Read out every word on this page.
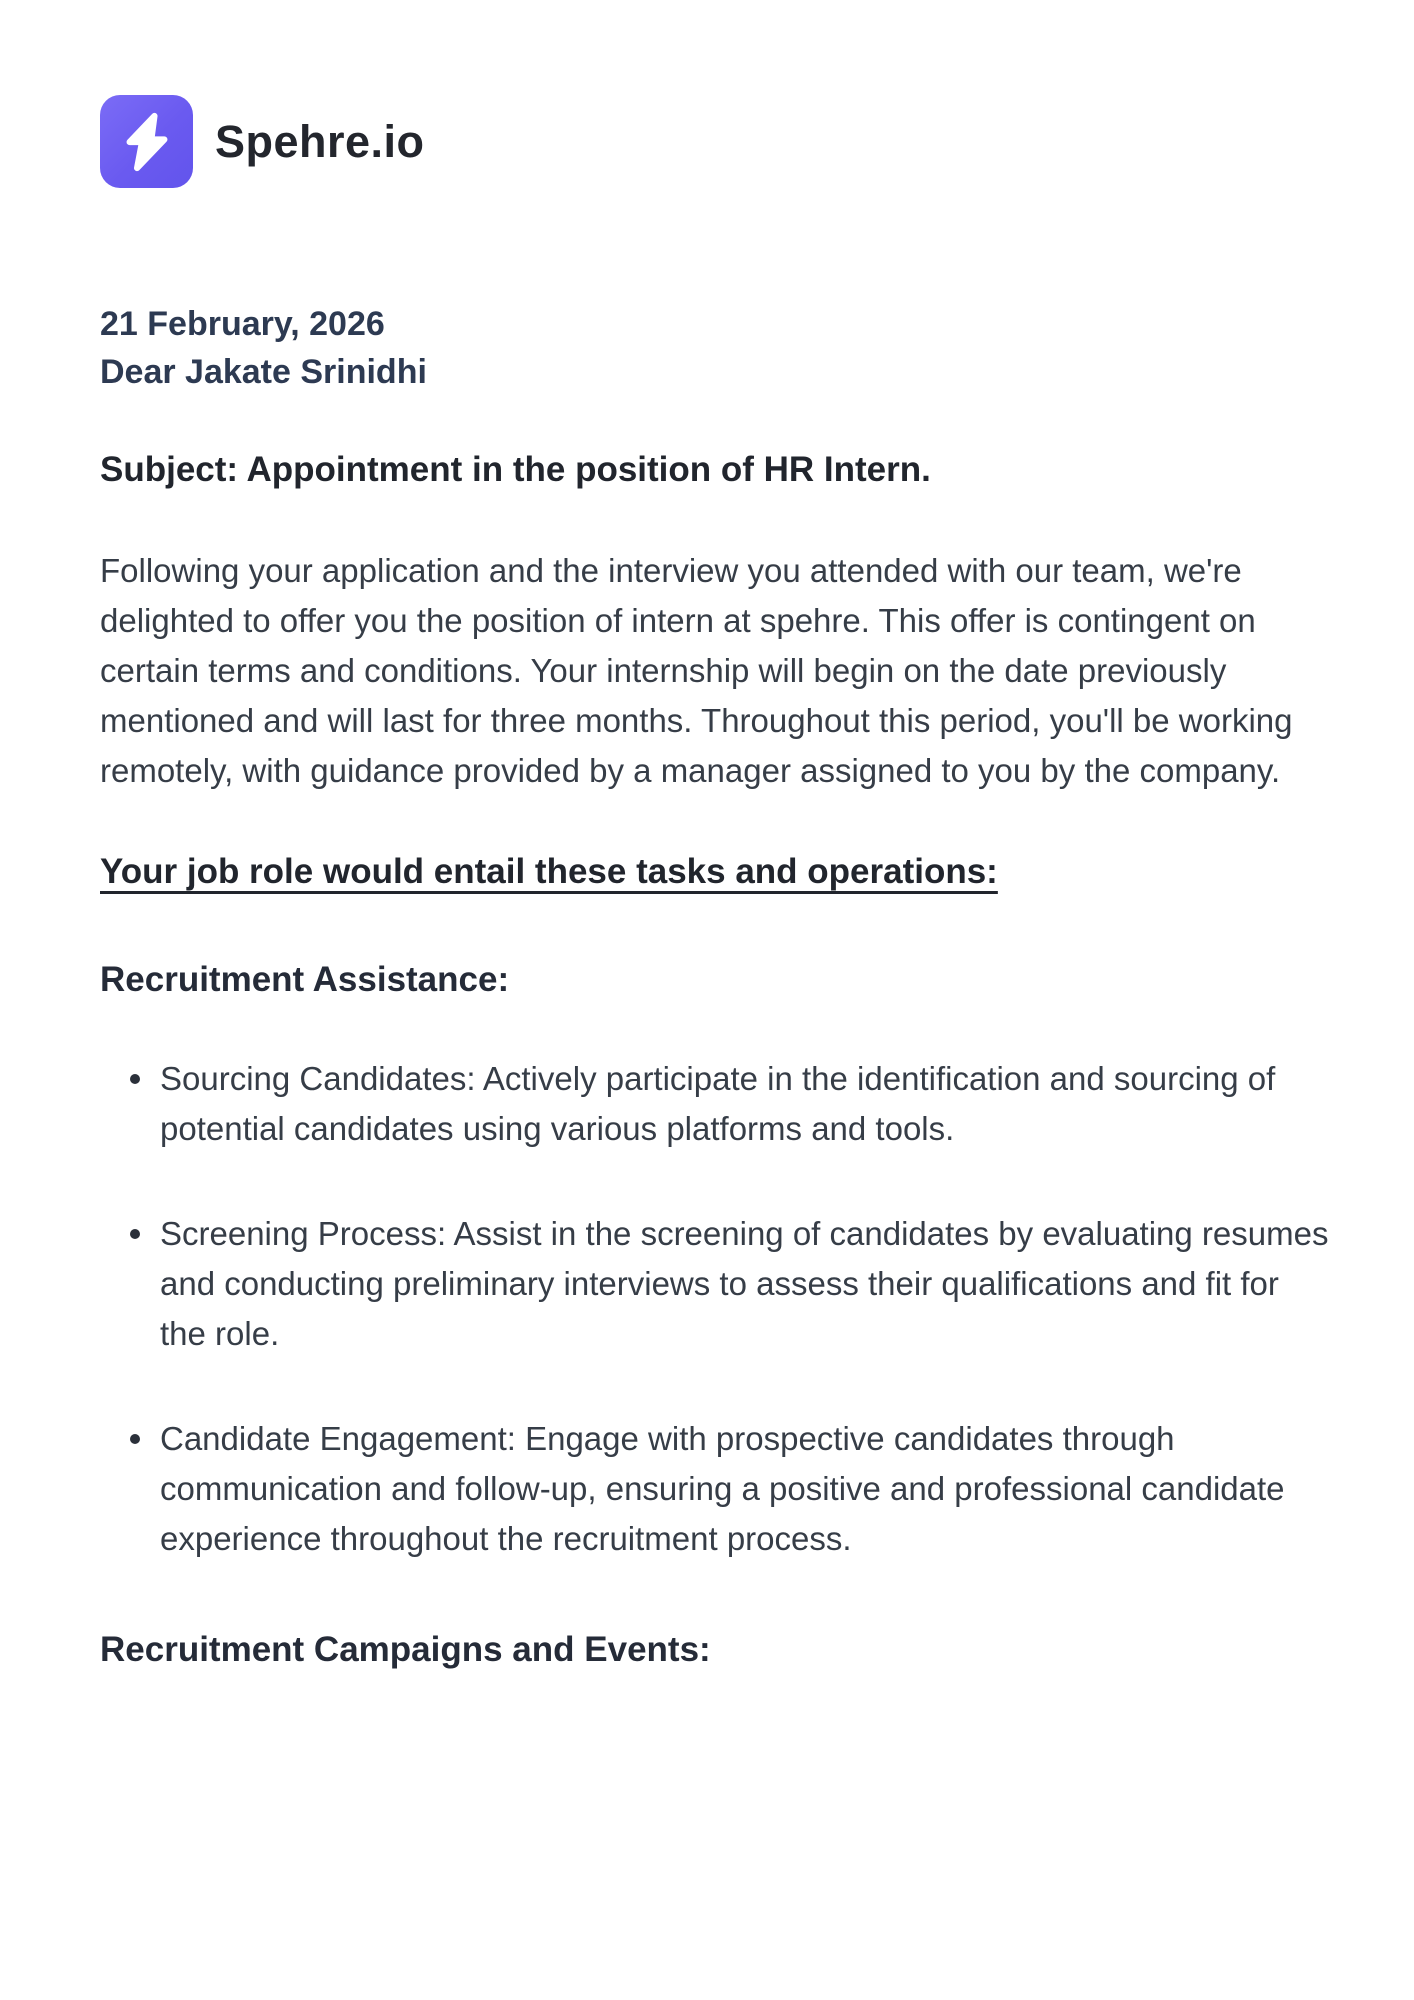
Spehre.io
21 February, 2026
Dear Jakate Srinidhi
Subject: Appointment in the position of HR Intern.
Following your application and the interview you attended with our team, we're delighted to offer you the position of intern at spehre. This offer is contingent on certain terms and conditions. Your internship will begin on the date previously mentioned and will last for three months. Throughout this period, you'll be working remotely, with guidance provided by a manager assigned to you by the company.
Your job role would entail these tasks and operations:
Recruitment Assistance:
Sourcing Candidates: Actively participate in the identification and sourcing of potential candidates using various platforms and tools.
Screening Process: Assist in the screening of candidates by evaluating resumes and conducting preliminary interviews to assess their qualifications and fit for the role.
Candidate Engagement: Engage with prospective candidates through communication and follow-up, ensuring a positive and professional candidate experience throughout the recruitment process.
Recruitment Campaigns and Events:
